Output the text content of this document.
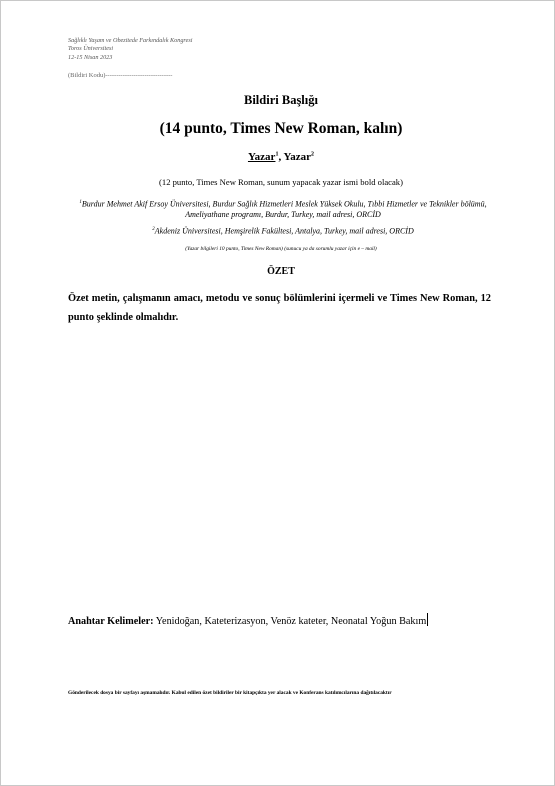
Sağlıklı Yaşam ve Obezitede Farkındalık Kongresi
Toros Üniversitesi
12-15 Nisan 2023
(Bildiri Kodu)-------------------------------
Bildiri Başlığı
(14 punto, Times New Roman, kalın)
Yazar$^1$, Yazar$^2$
(12 punto, Times New Roman, sunum yapacak yazar ismi bold olacak)
$^1$Burdur Mehmet Akif Ersoy Üniversitesi, Burdur Sağlık Hizmetleri Meslek Yüksek Okulu, Tıbbi Hizmetler ve Teknikler bölümü, Ameliyathane programı, Burdur, Turkey, mail adresi, ORCİD
$^2$Akdeniz Üniversitesi, Hemşirelik Fakültesi, Antalya, Turkey, mail adresi, ORCİD
(Yazar bilgileri 10 punto, Times New Roman) (sunucu ya da sorumlu yazar için e – mail)
ÖZET
Özet metin, çalışmanın amacı, metodu ve sonuç bölümlerini içermeli ve Times New Roman, 12 punto şeklinde olmalıdır.
Anahtar Kelimeler: Yenidoğan, Kateterizasyon, Venöz kateter, Neonatal Yoğun Bakım
Gönderilecek dosya bir sayfayı aşmamalıdır. Kabul edilen özet bildiriler bir kitapçıkta yer alacak ve Konferans katılımcılarına dağıtılacaktır
